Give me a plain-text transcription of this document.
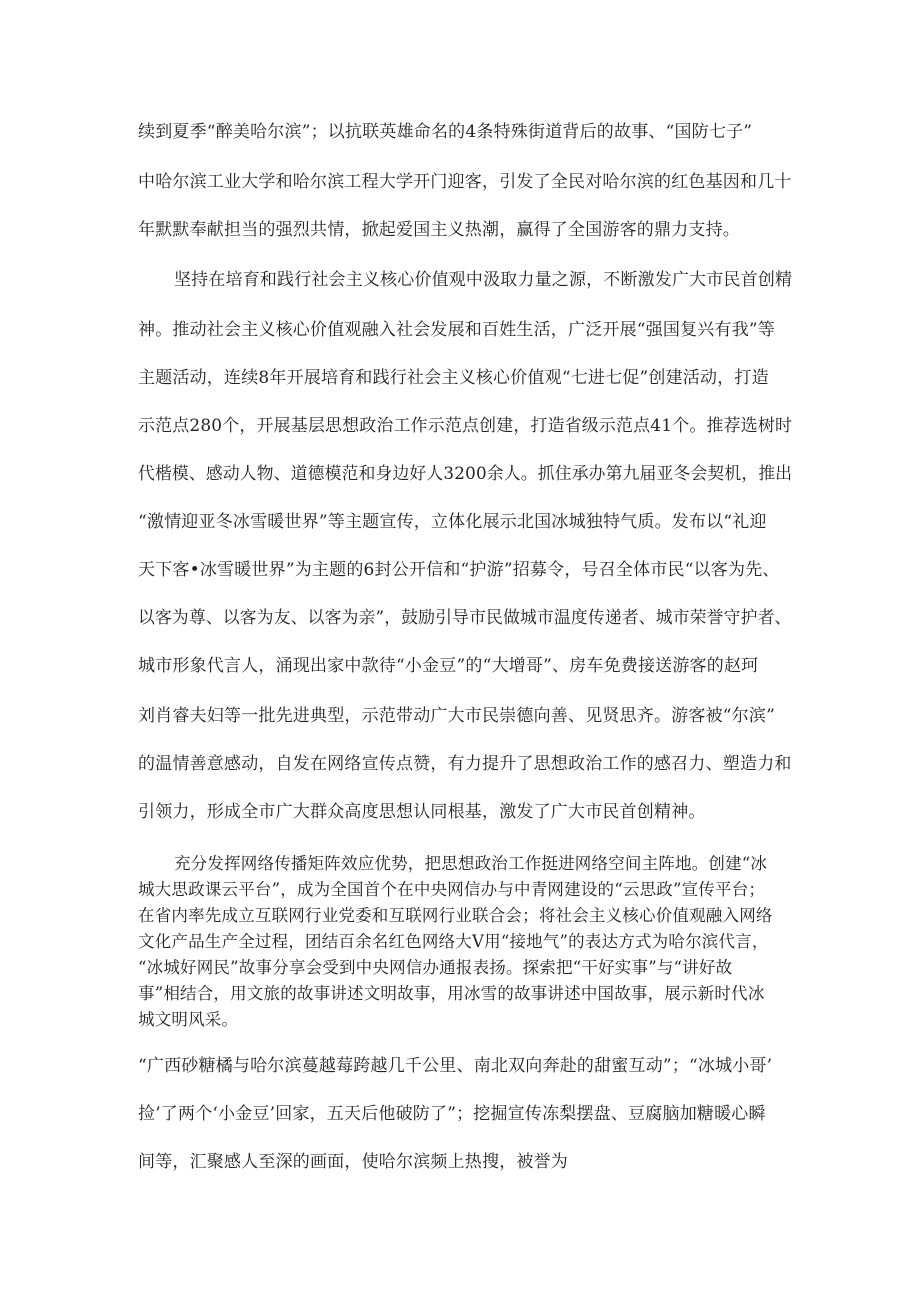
续到夏季“醉美哈尔滨”；以抗联英雄命名的4条特殊街道背后的故事、“国防七子”
中哈尔滨工业大学和哈尔滨工程大学开门迎客，引发了全民对哈尔滨的红色基因和几十
年默默奉献担当的强烈共情，掀起爱国主义热潮，赢得了全国游客的鼎力支持。
坚持在培育和践行社会主义核心价值观中汲取力量之源，不断激发广大市民首创精
神。推动社会主义核心价值观融入社会发展和百姓生活，广泛开展“强国复兴有我”等
主题活动，连续8年开展培育和践行社会主义核心价值观“七进七促”创建活动，打造
示范点280个，开展基层思想政治工作示范点创建，打造省级示范点41个。推荐选树时
代楷模、感动人物、道德模范和身边好人3200余人。抓住承办第九届亚冬会契机，推出
“激情迎亚冬冰雪暖世界”等主题宣传，立体化展示北国冰城独特气质。发布以“礼迎
天下客•冰雪暖世界”为主题的6封公开信和“护游”招募令，号召全体市民“以客为先、
以客为尊、以客为友、以客为亲”，鼓励引导市民做城市温度传递者、城市荣誉守护者、
城市形象代言人，涌现出家中款待“小金豆”的“大增哥”、房车免费接送游客的赵珂
刘肖睿夫妇等一批先进典型，示范带动广大市民崇德向善、见贤思齐。游客被“尔滨”
的温情善意感动，自发在网络宣传点赞，有力提升了思想政治工作的感召力、塑造力和
引领力，形成全市广大群众高度思想认同根基，激发了广大市民首创精神。
充分发挥网络传播矩阵效应优势，把思想政治工作挺进网络空间主阵地。创建“冰
城大思政课云平台”，成为全国首个在中央网信办与中青网建设的“云思政”宣传平台；
在省内率先成立互联网行业党委和互联网行业联合会；将社会主义核心价值观融入网络
文化产品生产全过程，团结百余名红色网络大V用“接地气”的表达方式为哈尔滨代言，
“冰城好网民”故事分享会受到中央网信办通报表扬。探索把“干好实事”与“讲好故
事”相结合，用文旅的故事讲述文明故事，用冰雪的故事讲述中国故事，展示新时代冰
城文明风采。
“广西砂糖橘与哈尔滨蔓越莓跨越几千公里、南北双向奔赴的甜蜜互动”；“冰城小哥’
捡’了两个‘小金豆’回家，五天后他破防了”；挖掘宣传冻梨摆盘、豆腐脑加糖暖心瞬
间等，汇聚感人至深的画面，使哈尔滨频上热搜，被誉为
